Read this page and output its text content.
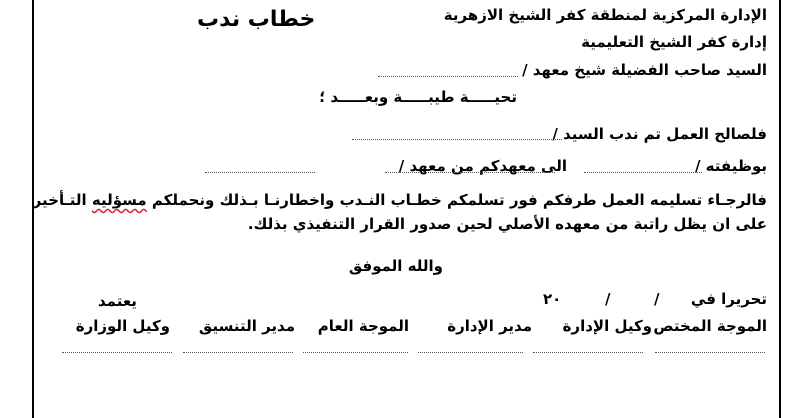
خطاب ندب	الإدارة المركزية لمنطقة كفر الشيخ الازهرية
إدارة كفر الشيخ التعليمية
السيد صاحب الفضيلة شيخ معهد /
تحيـــــة طيبـــــة وبعـــــد ؛
فلصالح العمل تم ندب السيد /
بوظيفته /
الى معهدكم من معهد /
فالرجـاء تسليمه العمل طرفكم فور تسلمكم خطـاب النـدب واخطارنـا بـذلك ونحملكم مسؤليه التـأخير
على ان يظل راتبة من معهده الأصلي لحين صدور القرار التنفيذي بذلك.
والله الموفق
تحريرا في
/
/
٢٠
يعتمد
الموجة المختص
وكيل الإدارة
مدير الإدارة
الموجة العام
مدير التنسيق
وكيل الوزارة
